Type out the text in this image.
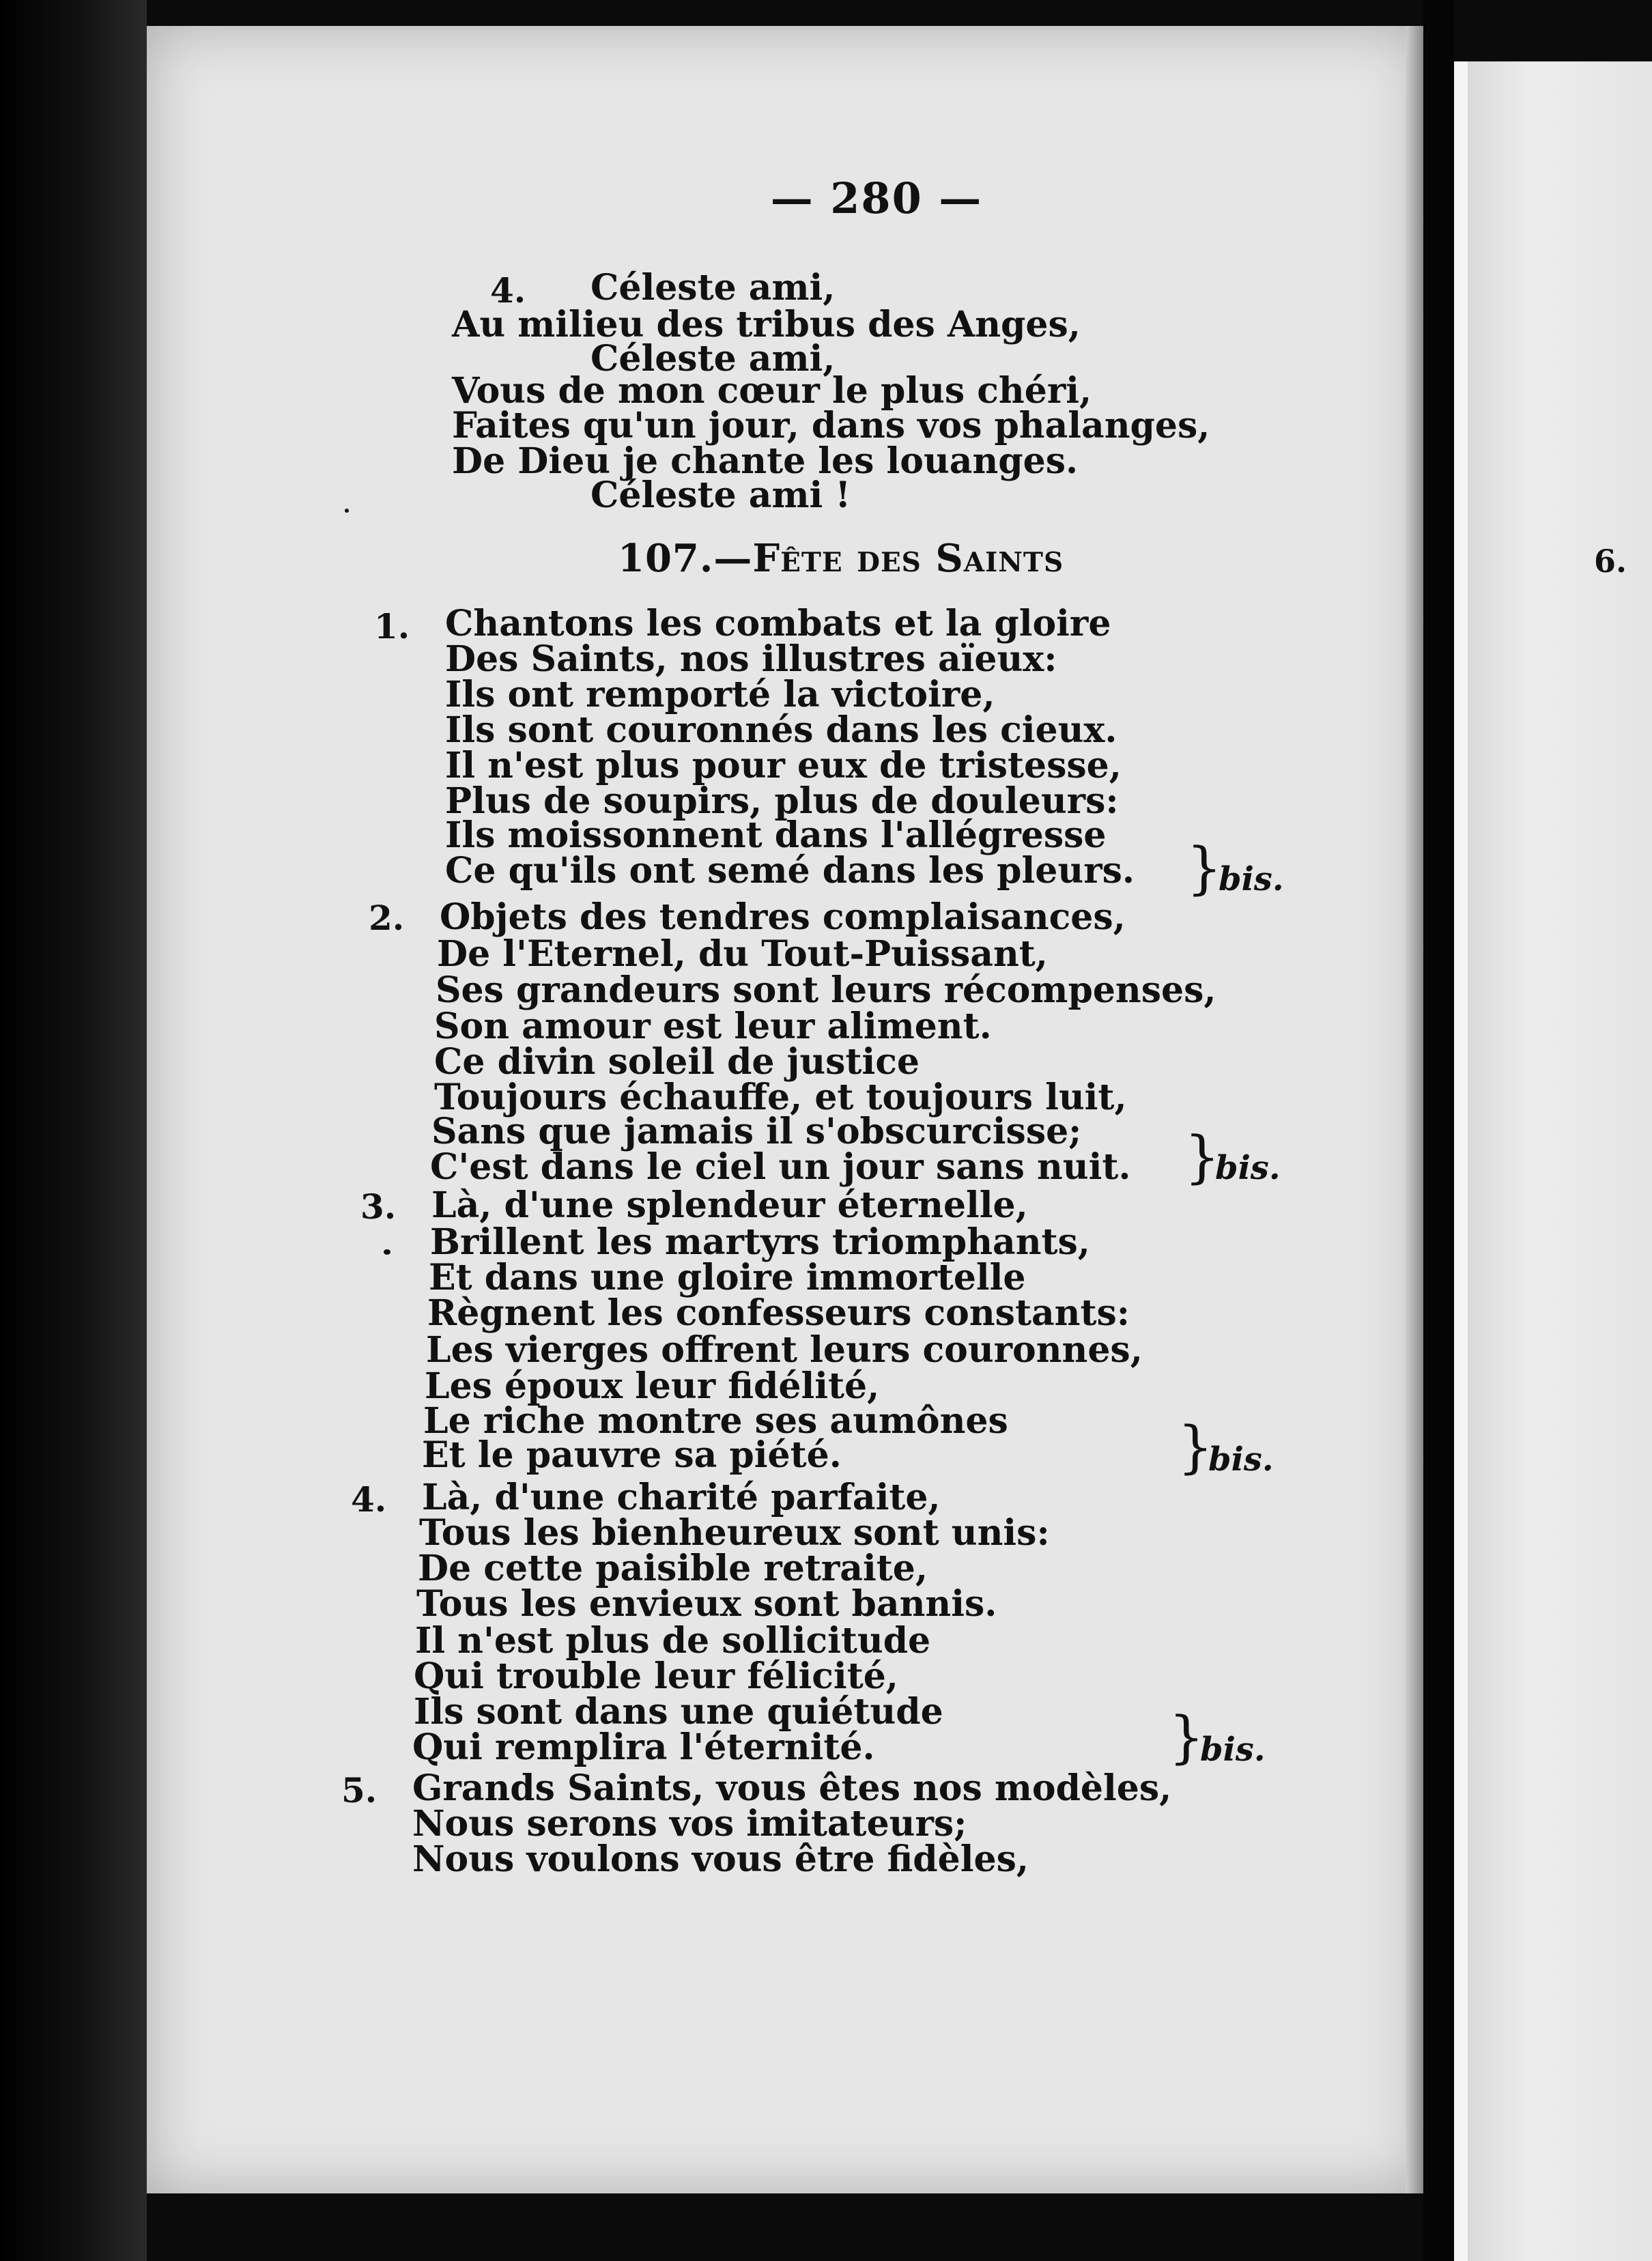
6.
— 280 —
4. Céleste ami,
Au milieu des tribus des Anges,
Céleste ami,
Vous de mon cœur le plus chéri,
Faites qu'un jour, dans vos phalanges,
De Dieu je chante les louanges.
Céleste ami !
107.—Fête des Saints
1. Chantons les combats et la gloire
Des Saints, nos illustres aïeux:
Ils ont remporté la victoire,
Ils sont couronnés dans les cieux.
Il n'est plus pour eux de tristesse,
Plus de soupirs, plus de douleurs:
Ils moissonnent dans l'allégresse
Ce qu'ils ont semé dans les pleurs. }
bis.
2. Objets des tendres complaisances,
De l'Eternel, du Tout-Puissant,
Ses grandeurs sont leurs récompenses,
Son amour est leur aliment.
Ce divin soleil de justice
Toujours échauffe, et toujours luit,
Sans que jamais il s'obscurcisse;
C'est dans le ciel un jour sans nuit. }
bis.
3. Là, d'une splendeur éternelle,
Brillent les martyrs triomphants,
Et dans une gloire immortelle
Règnent les confesseurs constants:
Les vierges offrent leurs couronnes,
Les époux leur fidélité,
Le riche montre ses aumônes
Et le pauvre sa piété.	}
bis.
4. Là, d'une charité parfaite,
Tous les bienheureux sont unis:
De cette paisible retraite,
Tous les envieux sont bannis.
Il n'est plus de sollicitude
Qui trouble leur félicité,
Ils sont dans une quiétude
Qui remplira l'éternité.	}
bis.
5. Grands Saints, vous êtes nos modèles,
Nous serons vos imitateurs;
Nous voulons vous être fidèles,
